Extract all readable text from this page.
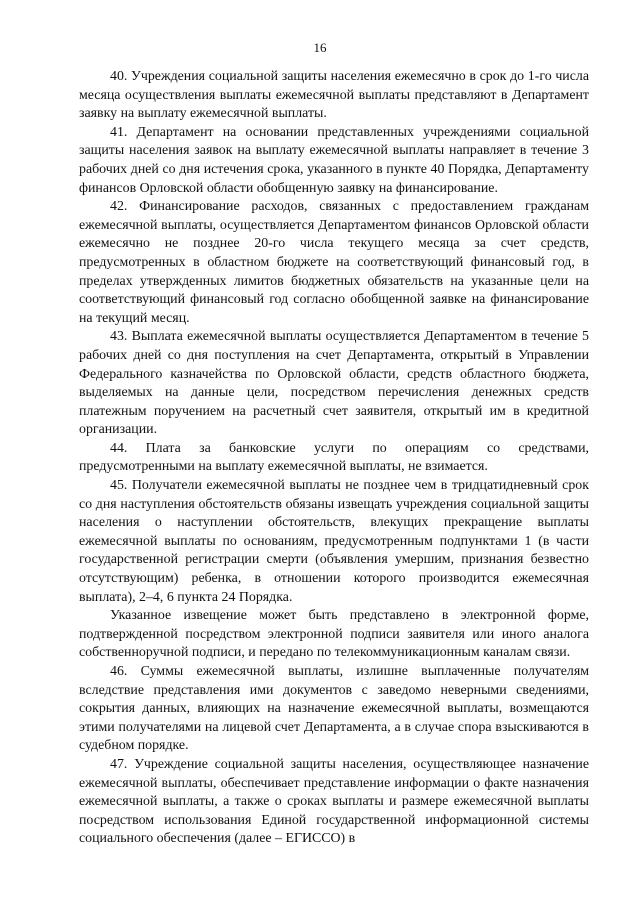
16

40. Учреждения социальной защиты населения ежемесячно в срок до 1-го числа месяца осуществления выплаты ежемесячной выплаты представляют в Департамент заявку на выплату ежемесячной выплаты.

41. Департамент на основании представленных учреждениями социальной защиты населения заявок на выплату ежемесячной выплаты направляет в течение 3 рабочих дней со дня истечения срока, указанного в пункте 40 Порядка, Департаменту финансов Орловской области обобщенную заявку на финансирование.

42. Финансирование расходов, связанных с предоставлением гражданам ежемесячной выплаты, осуществляется Департаментом финансов Орловской области ежемесячно не позднее 20-го числа текущего месяца за счет средств, предусмотренных в областном бюджете на соответствующий финансовый год, в пределах утвержденных лимитов бюджетных обязательств на указанные цели на соответствующий финансовый год согласно обобщенной заявке на финансирование на текущий месяц.

43. Выплата ежемесячной выплаты осуществляется Департаментом в течение 5 рабочих дней со дня поступления на счет Департамента, открытый в Управлении Федерального казначейства по Орловской области, средств областного бюджета, выделяемых на данные цели, посредством перечисления денежных средств платежным поручением на расчетный счет заявителя, открытый им в кредитной организации.

44. Плата за банковские услуги по операциям со средствами, предусмотренными на выплату ежемесячной выплаты, не взимается.

45. Получатели ежемесячной выплаты не позднее чем в тридцатидневный срок со дня наступления обстоятельств обязаны извещать учреждения социальной защиты населения о наступлении обстоятельств, влекущих прекращение выплаты ежемесячной выплаты по основаниям, предусмотренным подпунктами 1 (в части государственной регистрации смерти (объявления умершим, признания безвестно отсутствующим) ребенка, в отношении которого производится ежемесячная выплата), 2–4, 6 пункта 24 Порядка.

Указанное извещение может быть представлено в электронной форме, подтвержденной посредством электронной подписи заявителя или иного аналога собственноручной подписи, и передано по телекоммуникационным каналам связи.

46. Суммы ежемесячной выплаты, излишне выплаченные получателям вследствие представления ими документов с заведомо неверными сведениями, сокрытия данных, влияющих на назначение ежемесячной выплаты, возмещаются этими получателями на лицевой счет Департамента, а в случае спора взыскиваются в судебном порядке.

47. Учреждение социальной защиты населения, осуществляющее назначение ежемесячной выплаты, обеспечивает представление информации о факте назначения ежемесячной выплаты, а также о сроках выплаты и размере ежемесячной выплаты посредством использования Единой государственной информационной системы социального обеспечения (далее – ЕГИССО) в
